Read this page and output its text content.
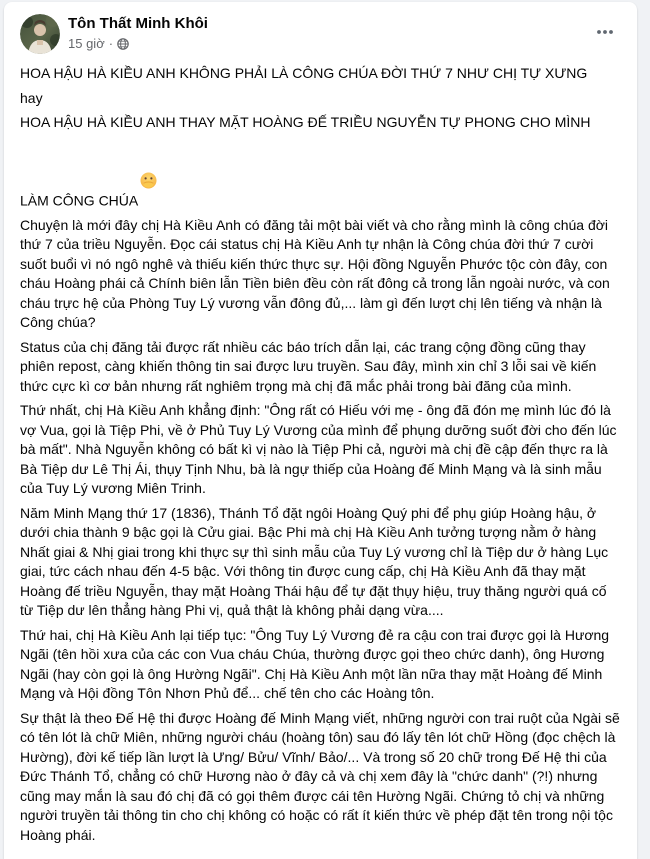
Tôn Thất Minh Khôi
15 giờ ·
HOA HẬU HÀ KIỀU ANH KHÔNG PHẢI LÀ CÔNG CHÚA ĐỜI THỨ 7 NHƯ CHỊ TỰ XƯNG
hay
HOA HẬU HÀ KIỀU ANH THAY MẶT HOÀNG ĐẾ TRIỀU NGUYỄN TỰ PHONG CHO MÌNH LÀM CÔNG CHÚA

Chuyện là mới đây chị Hà Kiều Anh có đăng tải một bài viết và cho rằng mình là công chúa đời thứ 7 của triều Nguyễn. Đọc cái status chị Hà Kiều Anh tự nhận là Công chúa đời thứ 7 cười suốt buổi vì nó ngô nghê và thiếu kiến thức thực sự. Hội đồng Nguyễn Phước tộc còn đây, con cháu Hoàng phái cả Chính biên lẫn Tiền biên đều còn rất đông cả trong lẫn ngoài nước, và con cháu trực hệ của Phòng Tuy Lý vương vẫn đông đủ,... làm gì đến lượt chị lên tiếng và nhận là Công chúa?
Status của chị đăng tải được rất nhiều các báo trích dẫn lại, các trang cộng đồng cũng thay phiên repost, càng khiến thông tin sai được lưu truyền. Sau đây, mình xin chỉ 3 lỗi sai về kiến thức cực kì cơ bản nhưng rất nghiêm trọng mà chị đã mắc phải trong bài đăng của mình.
Thứ nhất, chị Hà Kiều Anh khẳng định: "Ông rất có Hiếu với mẹ - ông đã đón mẹ mình lúc đó là vợ Vua, gọi là Tiệp Phi, về ở Phủ Tuy Lý Vương của mình để phụng dưỡng suốt đời cho đến lúc bà mất". Nhà Nguyễn không có bất kì vị nào là Tiệp Phi cả, người mà chị đề cập đến thực ra là Bà Tiệp dư Lê Thị Ái, thụy Tịnh Nhu, bà là ngự thiếp của Hoàng đế Minh Mạng và là sinh mẫu của Tuy Lý vương Miên Trinh.
Năm Minh Mạng thứ 17 (1836), Thánh Tổ đặt ngôi Hoàng Quý phi để phụ giúp Hoàng hậu, ở dưới chia thành 9 bậc gọi là Cửu giai. Bậc Phi mà chị Hà Kiều Anh tưởng tượng nằm ở hàng Nhất giai & Nhị giai trong khi thực sự thì sinh mẫu của Tuy Lý vương chỉ là Tiệp dư ở hàng Lục giai, tức cách nhau đến 4-5 bậc. Với thông tin được cung cấp, chị Hà Kiều Anh đã thay mặt Hoàng đế triều Nguyễn, thay mặt Hoàng Thái hậu để tự đặt thụy hiệu, truy thăng người quá cố từ Tiệp dư lên thẳng hàng Phi vị, quả thật là không phải dạng vừa....
Thứ hai, chị Hà Kiều Anh lại tiếp tục: "Ông Tuy Lý Vương đẻ ra cậu con trai được gọi là Hương Ngãi (tên hồi xưa của các con Vua cháu Chúa, thường được gọi theo chức danh), ông Hương Ngãi (hay còn gọi là ông Hường Ngãi". Chị Hà Kiều Anh một lần nữa thay mặt Hoàng đế Minh Mạng và Hội đồng Tôn Nhơn Phủ để... chế tên cho các Hoàng tôn.
Sự thật là theo Đế Hệ thi được Hoàng đế Minh Mạng viết, những người con trai ruột của Ngài sẽ có tên lót là chữ Miên, những người cháu (hoàng tôn) sau đó lấy tên lót chữ Hồng (đọc chệch là Hường), đời kế tiếp lần lượt là Ưng/ Bửu/ Vĩnh/ Bảo/... Và trong số 20 chữ trong Đế Hệ thi của Đức Thánh Tổ, chẳng có chữ Hương nào ở đây cả và chị xem đây là "chức danh" (?!) nhưng cũng may mắn là sau đó chị đã có gọi thêm được cái tên Hường Ngãi. Chứng tỏ chị và những người truyền tải thông tin cho chị không có hoặc có rất ít kiến thức về phép đặt tên trong nội tộc Hoàng phái.
